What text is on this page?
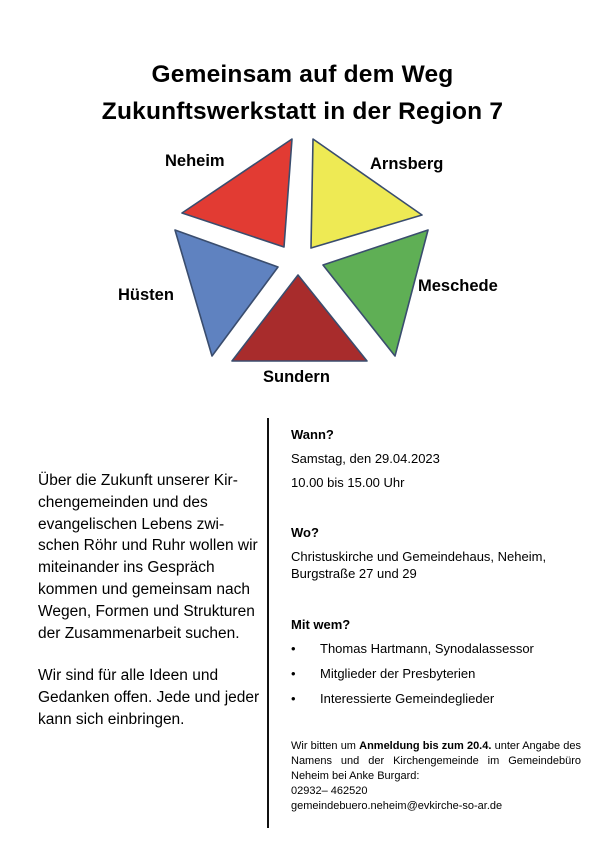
Gemeinsam auf dem Weg
Zukunftswerkstatt in der Region 7
Neheim	Arnsberg
Meschede
Hüsten
Sundern
Über die Zukunft unserer Kirchengemeinden und des evangelischen Lebens zwischen Röhr und Ruhr wollen wir miteinander ins Gespräch kommen und gemeinsam nach Wegen, Formen und Strukturen der Zusammenarbeit suchen.
Wir sind für alle Ideen und Gedanken offen. Jede und jeder kann sich einbringen.
Wann?
Samstag, den 29.04.2023
10.00 bis 15.00 Uhr
Wo?
Christuskirche und Gemeindehaus, Neheim, Burgstraße 27 und 29
Mit wem?
• Thomas Hartmann, Synodalassessor
• Mitglieder der Presbyterien
• Interessierte Gemeindeglieder
Wir bitten um Anmeldung bis zum 20.4. unter Angabe des Namens und der Kirchengemeinde im Gemeindebüro Neheim bei Anke Burgard:
02932– 462520
gemeindebuero.neheim@evkirche-so-ar.de
